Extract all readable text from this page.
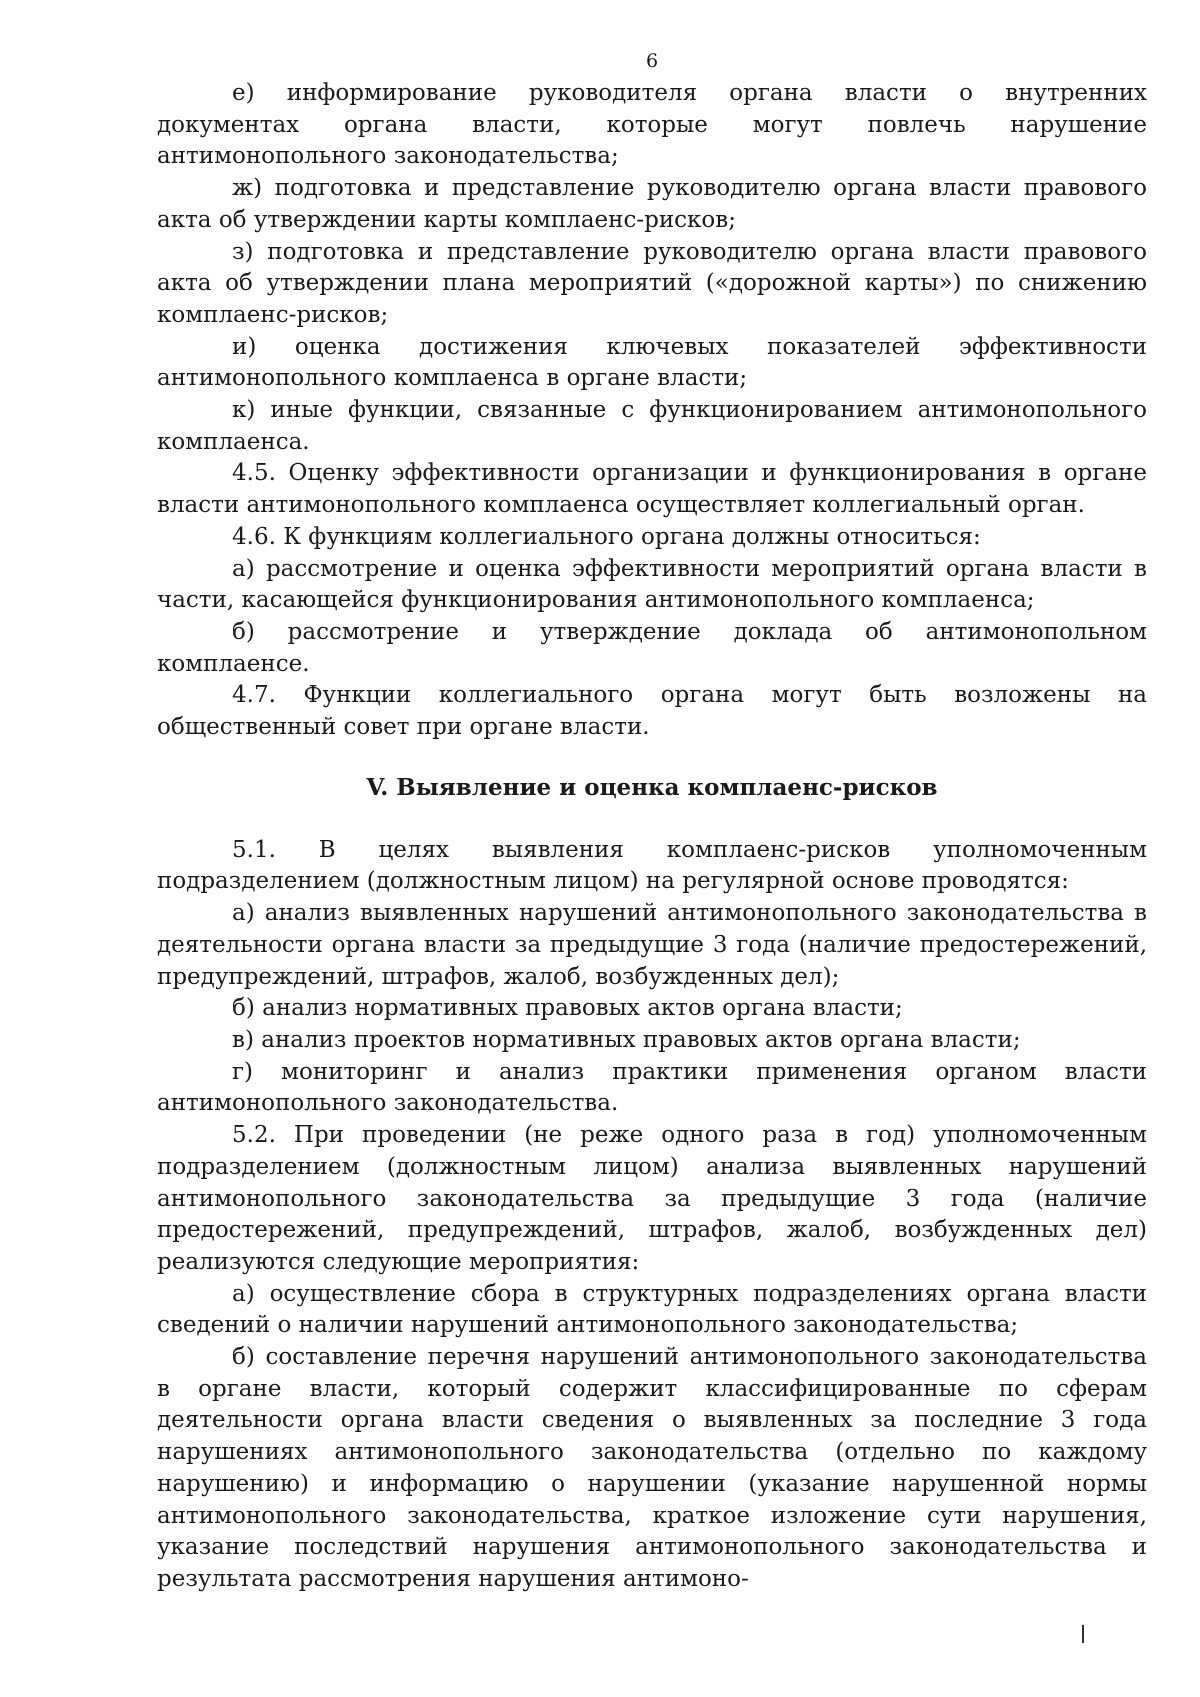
6

е) информирование руководителя органа власти о внутренних документах органа власти, которые могут повлечь нарушение антимонопольного законодательства;

ж) подготовка и представление руководителю органа власти правового акта об утверждении карты комплаенс-рисков;

з) подготовка и представление руководителю органа власти правового акта об утверждении плана мероприятий («дорожной карты») по снижению комплаенс-рисков;

и) оценка достижения ключевых показателей эффективности антимонопольного комплаенса в органе власти;

к) иные функции, связанные с функционированием антимонопольного комплаенса.

4.5. Оценку эффективности организации и функционирования в органе власти антимонопольного комплаенса осуществляет коллегиальный орган.

4.6. К функциям коллегиального органа должны относиться:

а) рассмотрение и оценка эффективности мероприятий органа власти в части, касающейся функционирования антимонопольного комплаенса;

б) рассмотрение и утверждение доклада об антимонопольном комплаенсе.

4.7. Функции коллегиального органа могут быть возложены на общественный совет при органе власти.

V. Выявление и оценка комплаенс-рисков

5.1. В целях выявления комплаенс-рисков уполномоченным подразделением (должностным лицом) на регулярной основе проводятся:

а) анализ выявленных нарушений антимонопольного законодательства в деятельности органа власти за предыдущие 3 года (наличие предостережений, предупреждений, штрафов, жалоб, возбужденных дел);

б) анализ нормативных правовых актов органа власти;

в) анализ проектов нормативных правовых актов органа власти;

г) мониторинг и анализ практики применения органом власти антимонопольного законодательства.

5.2. При проведении (не реже одного раза в год) уполномоченным подразделением (должностным лицом) анализа выявленных нарушений антимонопольного законодательства за предыдущие 3 года (наличие предостережений, предупреждений, штрафов, жалоб, возбужденных дел) реализуются следующие мероприятия:

а) осуществление сбора в структурных подразделениях органа власти сведений о наличии нарушений антимонопольного законодательства;

б) составление перечня нарушений антимонопольного законодательства в органе власти, который содержит классифицированные по сферам деятельности органа власти сведения о выявленных за последние 3 года нарушениях антимонопольного законодательства (отдельно по каждому нарушению) и информацию о нарушении (указание нарушенной нормы антимонопольного законодательства, краткое изложение сути нарушения, указание последствий нарушения антимонопольного законодательства и результата рассмотрения нарушения антимоно-
